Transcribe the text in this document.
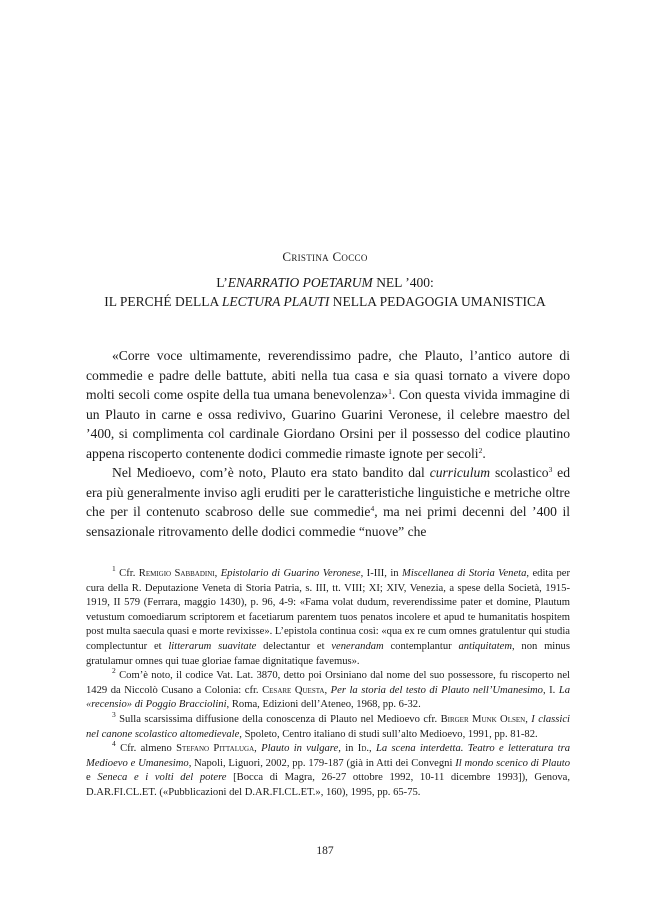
Cristina Cocco
L’ENARRATIO POETARUM NEL ’400:
IL PERCHÉ DELLA LECTURA PLAUTI NELLA PEDAGOGIA UMANISTICA

«Corre voce ultimamente, reverendissimo padre, che Plauto, l’antico autore di commedie e padre delle battute, abiti nella tua casa e sia quasi tornato a vivere dopo molti secoli come ospite della tua umana benevolenza»$^1$. Con questa vivida immagine di un Plauto in carne e ossa redivivo, Guarino Guarini Veronese, il celebre maestro del ’400, si complimenta col cardinale Giordano Orsini per il possesso del codice plautino appena riscoperto contenente dodici commedie rimaste ignote per secoli$^2$.

Nel Medioevo, com’è noto, Plauto era stato bandito dal curriculum scolastico$^3$ ed era più generalmente inviso agli eruditi per le caratteristiche linguistiche e metriche oltre che per il contenuto scabroso delle sue commedie$^4$, ma nei primi decenni del ’400 il sensazionale ritrovamento delle dodici commedie “nuove” che

$^1$ Cfr. Remigio Sabbadini, Epistolario di Guarino Veronese, I-III, in Miscellanea di Storia Veneta, edita per cura della R. Deputazione Veneta di Storia Patria, s. III, tt. VIII; XI; XIV, Venezia, a spese della Società, 1915-1919, II 579 (Ferrara, maggio 1430), p. 96, 4-9: «Fama volat dudum, reverendissime pater et domine, Plautum vetustum comoediarum scriptorem et facetiarum parentem tuos penatos incolere et apud te humanitatis hospitem post multa saecula quasi e morte revixisse». L’epistola continua così: «qua ex re cum omnes gratulentur qui studia complectuntur et litterarum suavitate delectantur et venerandam contemplantur antiquitatem, non minus gratulamur omnes qui tuae gloriae famae dignitatique favemus».

$^2$ Com’è noto, il codice Vat. Lat. 3870, detto poi Orsiniano dal nome del suo possessore, fu riscoperto nel 1429 da Niccolò Cusano a Colonia: cfr. Cesare Questa, Per la storia del testo di Plauto nell’Umanesimo, I. La «recensio» di Poggio Bracciolini, Roma, Edizioni dell’Ateneo, 1968, pp. 6-32.

$^3$ Sulla scarsissima diffusione della conoscenza di Plauto nel Medioevo cfr. Birger Munk Olsen, I classici nel canone scolastico altomedievale, Spoleto, Centro italiano di studi sull’alto Medioevo, 1991, pp. 81-82.

$^4$ Cfr. almeno Stefano Pittaluga, Plauto in vulgare, in Id., La scena interdetta. Teatro e letteratura tra Medioevo e Umanesimo, Napoli, Liguori, 2002, pp. 179-187 (già in Atti dei Convegni Il mondo scenico di Plauto e Seneca e i volti del potere [Bocca di Magra, 26-27 ottobre 1992, 10-11 dicembre 1993]), Genova, D.AR.FI.CL.ET. («Pubblicazioni del D.AR.FI.CL.ET.», 160), 1995, pp. 65-75.

187
